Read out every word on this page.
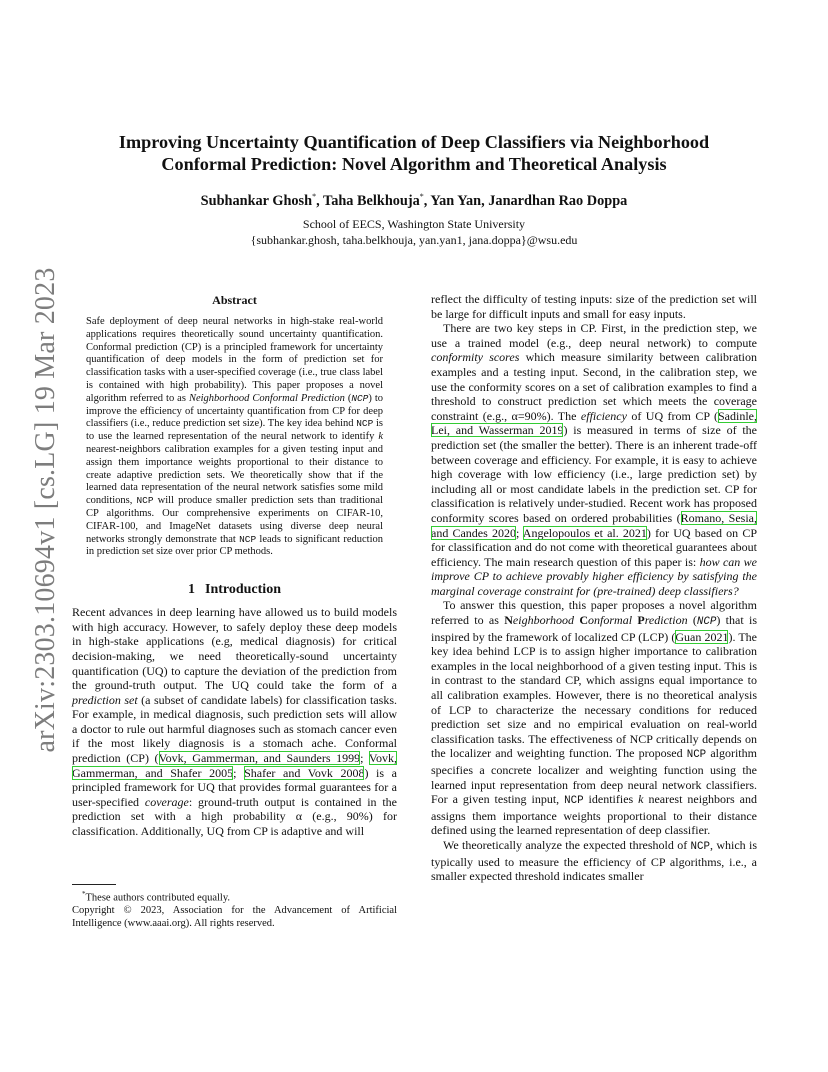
arXiv:2303.10694v1 [cs.LG] 19 Mar 2023
Improving Uncertainty Quantification of Deep Classifiers via Neighborhood
Conformal Prediction: Novel Algorithm and Theoretical Analysis

Subhankar Ghosh*, Taha Belkhouja*, Yan Yan, Janardhan Rao Doppa

School of EECS, Washington State University
{subhankar.ghosh, taha.belkhouja, yan.yan1, jana.doppa}@wsu.edu

Abstract

Safe deployment of deep neural networks in high-stake real-world applications requires theoretically sound uncertainty quantification. Conformal prediction (CP) is a principled framework for uncertainty quantification of deep models in the form of prediction set for classification tasks with a user-specified coverage (i.e., true class label is contained with high probability). This paper proposes a novel algorithm referred to as Neighborhood Conformal Prediction (NCP) to improve the efficiency of uncertainty quantification from CP for deep classifiers (i.e., reduce prediction set size). The key idea behind NCP is to use the learned representation of the neural network to identify k nearest-neighbors calibration examples for a given testing input and assign them importance weights proportional to their distance to create adaptive prediction sets. We theoretically show that if the learned data representation of the neural network satisfies some mild conditions, NCP will produce smaller prediction sets than traditional CP algorithms. Our comprehensive experiments on CIFAR-10, CIFAR-100, and ImageNet datasets using diverse deep neural networks strongly demonstrate that NCP leads to significant reduction in prediction set size over prior CP methods.

1 Introduction

Recent advances in deep learning have allowed us to build models with high accuracy. However, to safely deploy these deep models in high-stake applications (e.g, medical diagnosis) for critical decision-making, we need theoretically-sound uncertainty quantification (UQ) to capture the deviation of the prediction from the ground-truth output. The UQ could take the form of a prediction set (a subset of candidate labels) for classification tasks. For example, in medical diagnosis, such prediction sets will allow a doctor to rule out harmful diagnoses such as stomach cancer even if the most likely diagnosis is a stomach ache. Conformal prediction (CP) (Vovk, Gammerman, and Saunders 1999; Vovk, Gammerman, and Shafer 2005; Shafer and Vovk 2008) is a principled framework for UQ that provides formal guarantees for a user-specified coverage: ground-truth output is contained in the prediction set with a high probability α (e.g., 90%) for classification. Additionally, UQ from CP is adaptive and will

*These authors contributed equally.

Copyright © 2023, Association for the Advancement of Artificial Intelligence (www.aaai.org). All rights reserved.

reflect the difficulty of testing inputs: size of the prediction set will be large for difficult inputs and small for easy inputs.

There are two key steps in CP. First, in the prediction step, we use a trained model (e.g., deep neural network) to compute conformity scores which measure similarity between calibration examples and a testing input. Second, in the calibration step, we use the conformity scores on a set of calibration examples to find a threshold to construct prediction set which meets the coverage constraint (e.g., α=90%). The efficiency of UQ from CP (Sadinle, Lei, and Wasserman 2019) is measured in terms of size of the prediction set (the smaller the better). There is an inherent trade-off between coverage and efficiency. For example, it is easy to achieve high coverage with low efficiency (i.e., large prediction set) by including all or most candidate labels in the prediction set. CP for classification is relatively under-studied. Recent work has proposed conformity scores based on ordered probabilities (Romano, Sesia, and Candes 2020; Angelopoulos et al. 2021) for UQ based on CP for classification and do not come with theoretical guarantees about efficiency. The main research question of this paper is: how can we improve CP to achieve provably higher efficiency by satisfying the marginal coverage constraint for (pre-trained) deep classifiers?

To answer this question, this paper proposes a novel algorithm referred to as Neighborhood Conformal Prediction (NCP) that is inspired by the framework of localized CP (LCP) (Guan 2021). The key idea behind LCP is to assign higher importance to calibration examples in the local neighborhood of a given testing input. This is in contrast to the standard CP, which assigns equal importance to all calibration examples. However, there is no theoretical analysis of LCP to characterize the necessary conditions for reduced prediction set size and no empirical evaluation on real-world classification tasks. The effectiveness of NCP critically depends on the localizer and weighting function. The proposed NCP algorithm specifies a concrete localizer and weighting function using the learned input representation from deep neural network classifiers. For a given testing input, NCP identifies k nearest neighbors and assigns them importance weights proportional to their distance defined using the learned representation of deep classifier.

We theoretically analyze the expected threshold of NCP, which is typically used to measure the efficiency of CP algorithms, i.e., a smaller expected threshold indicates smaller
